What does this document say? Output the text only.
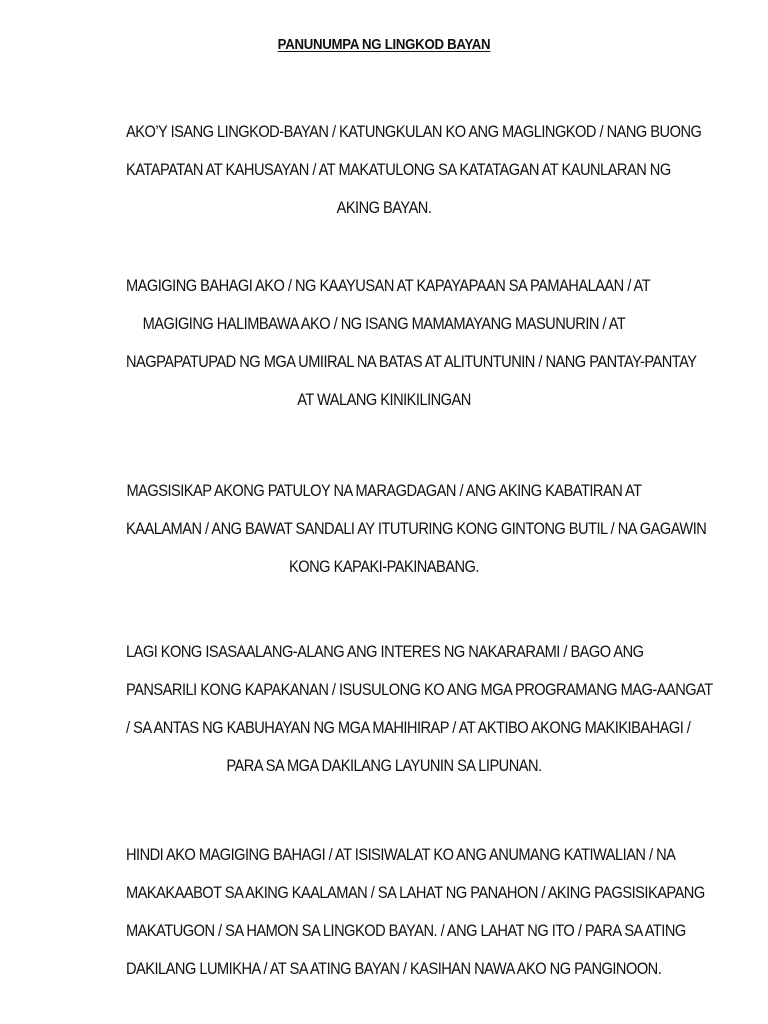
PANUNUMPA NG LINGKOD BAYAN
AKO’Y ISANG LINGKOD-BAYAN / KATUNGKULAN KO ANG MAGLINGKOD / NANG BUONG
KATAPATAN AT KAHUSAYAN / AT MAKATULONG SA KATATAGAN AT KAUNLARAN NG
AKING BAYAN.
MAGIGING BAHAGI AKO / NG KAAYUSAN AT KAPAYAPAAN SA PAMAHALAAN / AT
MAGIGING HALIMBAWA AKO / NG ISANG MAMAMAYANG MASUNURIN / AT
NAGPAPATUPAD NG MGA UMIIRAL NA BATAS AT ALITUNTUNIN / NANG PANTAY-PANTAY
AT WALANG KINIKILINGAN
MAGSISIKAP AKONG PATULOY NA MARAGDAGAN / ANG AKING KABATIRAN AT
KAALAMAN / ANG BAWAT SANDALI AY ITUTURING KONG GINTONG BUTIL / NA GAGAWIN
KONG KAPAKI-PAKINABANG.
LAGI KONG ISASAALANG-ALANG ANG INTERES NG NAKARARAMI / BAGO ANG
PANSARILI KONG KAPAKANAN / ISUSULONG KO ANG MGA PROGRAMANG MAG-AANGAT
/ SA ANTAS NG KABUHAYAN NG MGA MAHIHIRAP / AT AKTIBO AKONG MAKIKIBAHAGI /
PARA SA MGA DAKILANG LAYUNIN SA LIPUNAN.
HINDI AKO MAGIGING BAHAGI / AT ISISIWALAT KO ANG ANUMANG KATIWALIAN / NA
MAKAKAABOT SA AKING KAALAMAN / SA LAHAT NG PANAHON / AKING PAGSISIKAPANG
MAKATUGON / SA HAMON SA LINGKOD BAYAN. / ANG LAHAT NG ITO / PARA SA ATING
DAKILANG LUMIKHA / AT SA ATING BAYAN / KASIHAN NAWA AKO NG PANGINOON.
